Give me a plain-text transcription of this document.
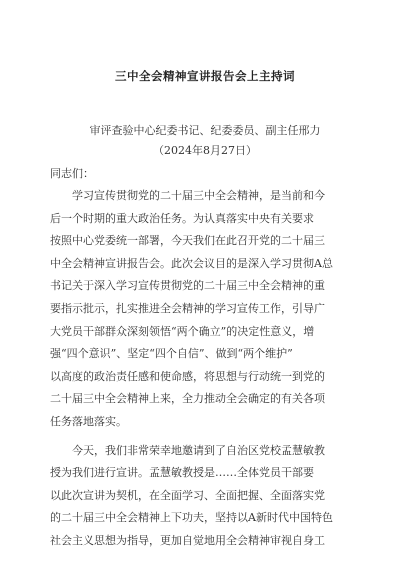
三中全会精神宣讲报告会上主持词
审评查验中心纪委书记、纪委委员、副主任邢力
（2024年8月27日）
同志们：
学习宣传贯彻党的二十届三中全会精神，是当前和今
后一个时期的重大政治任务。为认真落实中央有关要求
按照中心党委统一部署，今天我们在此召开党的二十届三
中全会精神宣讲报告会。此次会议目的是深入学习贯彻A总
书记关于深入学习宣传贯彻党的二十届三中全会精神的重
要指示批示，扎实推进全会精神的学习宣传工作，引导广
大党员干部群众深刻领悟“两个确立”的决定性意义，增
强“四个意识”、坚定“四个自信”、做到“两个维护”
以高度的政治责任感和使命感，将思想与行动统一到党的
二十届三中全会精神上来，全力推动全会确定的有关各项
任务落地落实。
今天，我们非常荣幸地邀请到了自治区党校孟慧敏教
授为我们进行宣讲。孟慧敏教授是……全体党员干部要
以此次宣讲为契机，在全面学习、全面把握、全面落实党
的二十届三中全会精神上下功夫，坚持以A新时代中国特色
社会主义思想为指导，更加自觉地用全会精神审视自身工
